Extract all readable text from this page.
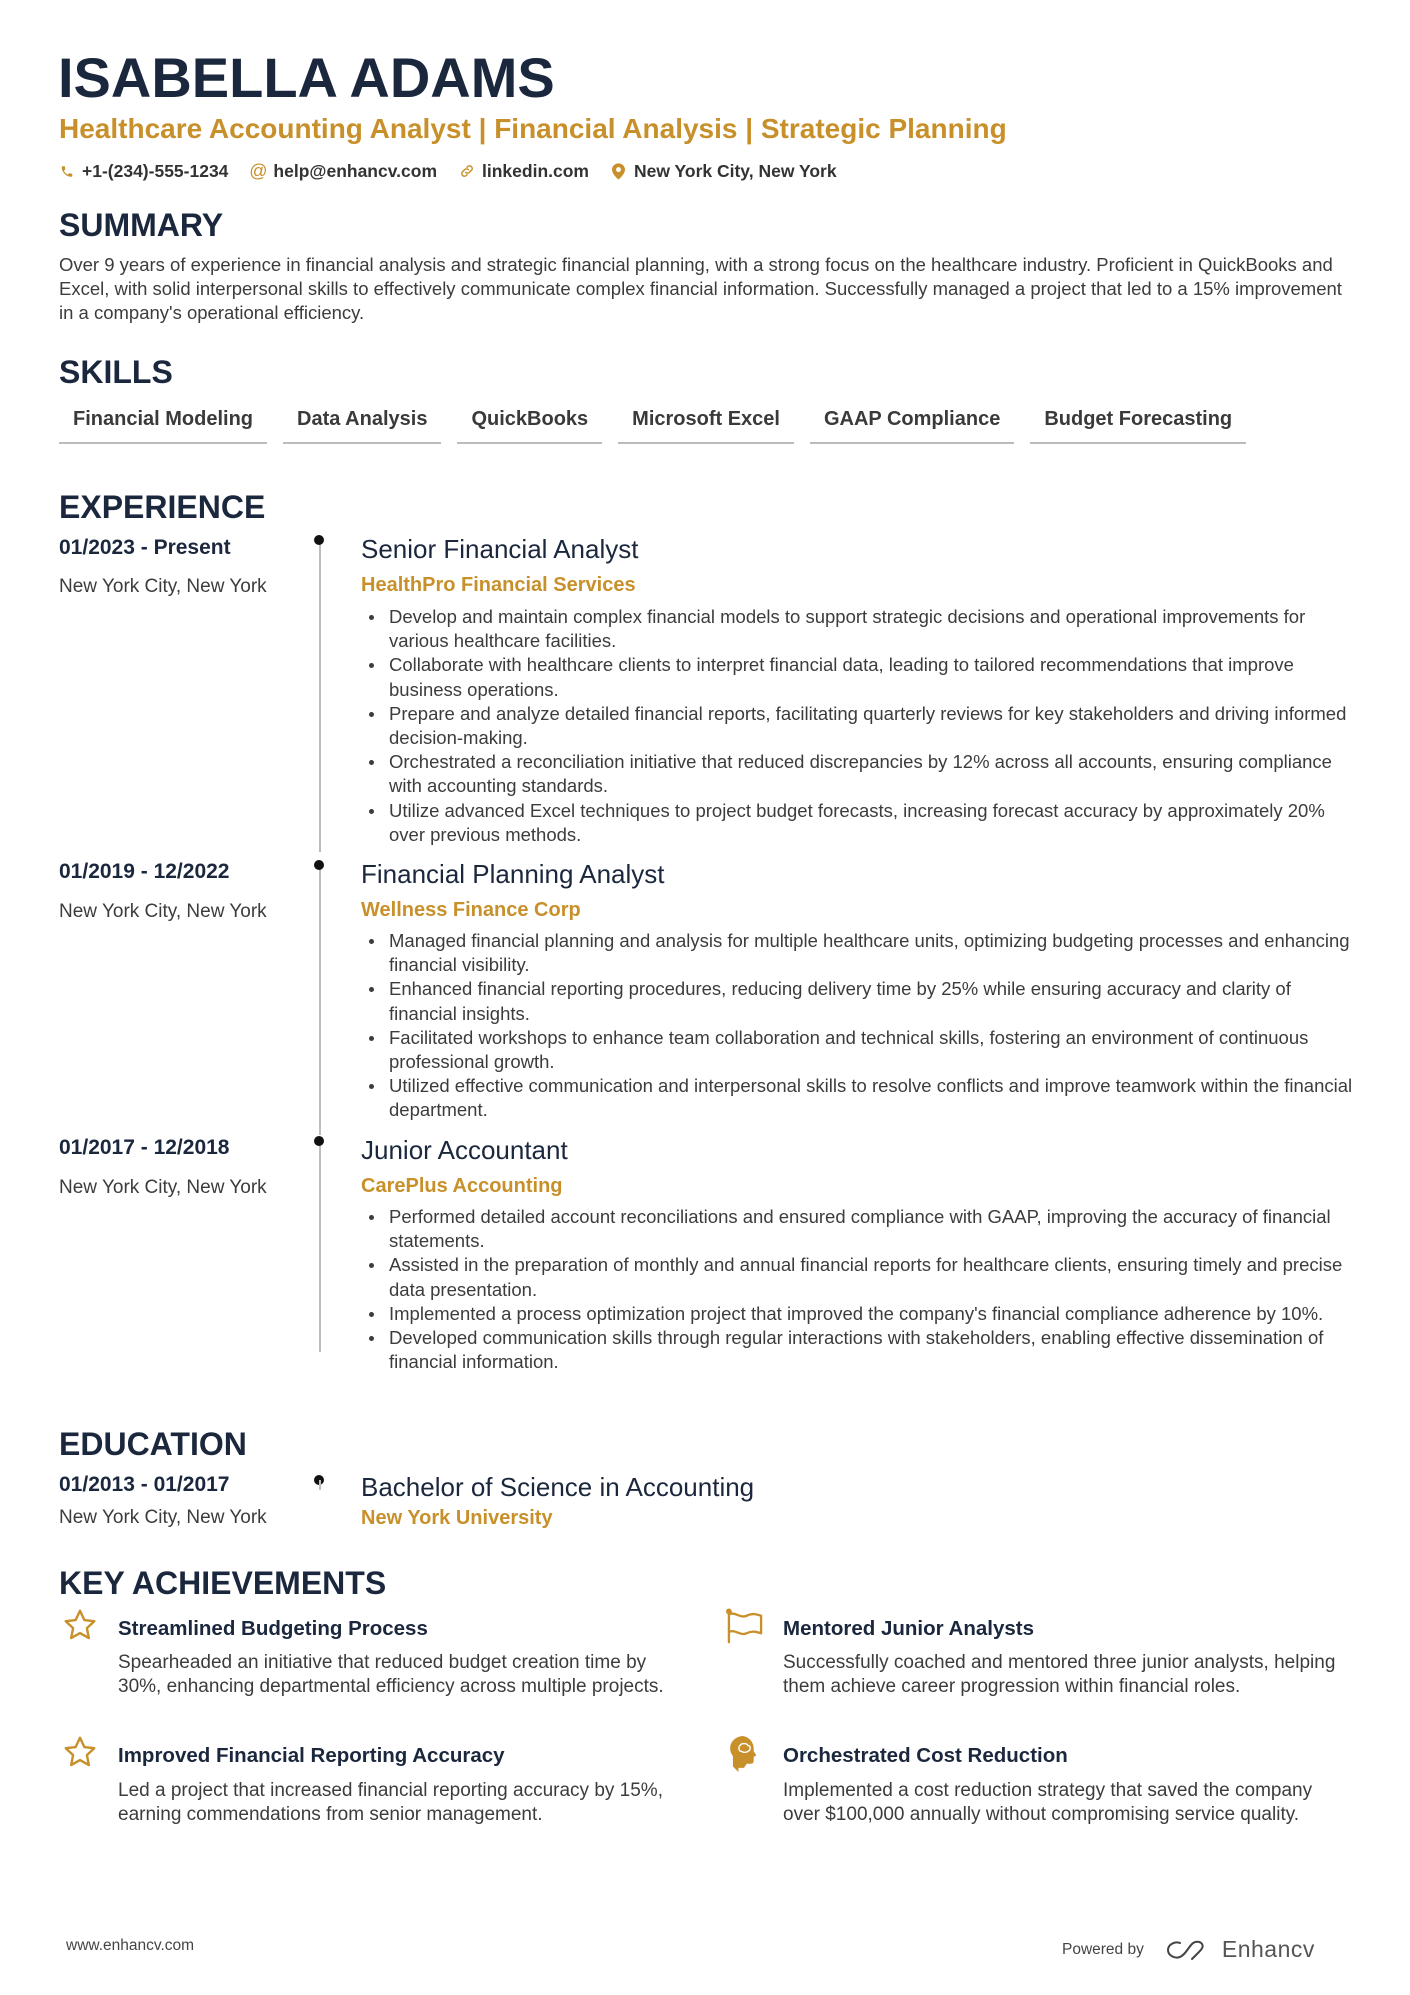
ISABELLA ADAMS
Healthcare Accounting Analyst | Financial Analysis | Strategic Planning
+1-(234)-555-1234 @ help@enhancv.com	linkedin.com	New York City, New York
SUMMARY
Over 9 years of experience in financial analysis and strategic financial planning, with a strong focus on the healthcare industry. Proficient in QuickBooks and Excel, with solid interpersonal skills to effectively communicate complex financial information. Successfully managed a project that led to a 15% improvement in a company's operational efficiency.
SKILLS
Financial Modeling	Data Analysis	QuickBooks	Microsoft Excel	GAAP Compliance	Budget Forecasting
EXPERIENCE
01/2023 - Present
New York City, New York
Senior Financial Analyst
HealthPro Financial Services
Develop and maintain complex financial models to support strategic decisions and operational improvements for various healthcare facilities.
Collaborate with healthcare clients to interpret financial data, leading to tailored recommendations that improve business operations.
Prepare and analyze detailed financial reports, facilitating quarterly reviews for key stakeholders and driving informed decision-making.
Orchestrated a reconciliation initiative that reduced discrepancies by 12% across all accounts, ensuring compliance with accounting standards.
Utilize advanced Excel techniques to project budget forecasts, increasing forecast accuracy by approximately 20% over previous methods.
01/2019 - 12/2022
New York City, New York
Financial Planning Analyst
Wellness Finance Corp
Managed financial planning and analysis for multiple healthcare units, optimizing budgeting processes and enhancing financial visibility.
Enhanced financial reporting procedures, reducing delivery time by 25% while ensuring accuracy and clarity of financial insights.
Facilitated workshops to enhance team collaboration and technical skills, fostering an environment of continuous professional growth.
Utilized effective communication and interpersonal skills to resolve conflicts and improve teamwork within the financial department.
01/2017 - 12/2018
New York City, New York
Junior Accountant
CarePlus Accounting
Performed detailed account reconciliations and ensured compliance with GAAP, improving the accuracy of financial statements.
Assisted in the preparation of monthly and annual financial reports for healthcare clients, ensuring timely and precise data presentation.
Implemented a process optimization project that improved the company's financial compliance adherence by 10%.
Developed communication skills through regular interactions with stakeholders, enabling effective dissemination of financial information.
EDUCATION
01/2013 - 01/2017
New York City, New York
Bachelor of Science in Accounting
New York University
KEY ACHIEVEMENTS
Streamlined Budgeting Process
Spearheaded an initiative that reduced budget creation time by 30%, enhancing departmental efficiency across multiple projects.
Mentored Junior Analysts
Successfully coached and mentored three junior analysts, helping them achieve career progression within financial roles.
Improved Financial Reporting Accuracy
Led a project that increased financial reporting accuracy by 15%, earning commendations from senior management.
Orchestrated Cost Reduction
Implemented a cost reduction strategy that saved the company over $100,000 annually without compromising service quality.
www.enhancv.com	Powered by	Enhancv
